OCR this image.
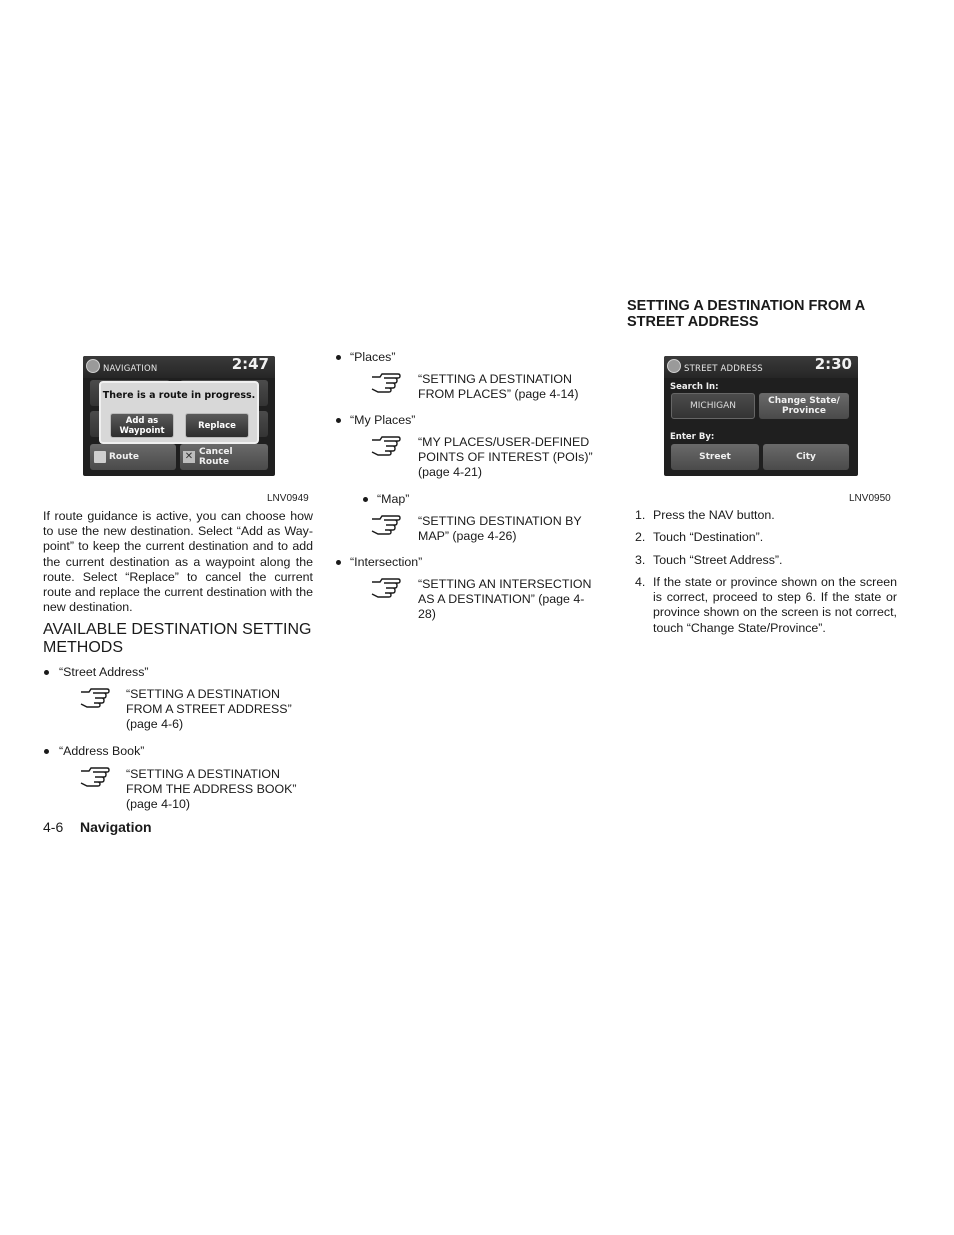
NAVIGATION	2:47
Route	✕ Cancel Route
There is a route in progress.
Add as Waypoint	Replace
LNV0949
If route guidance is active, you can choose how to use the new destination. Select “Add as Way-point” to keep the current destination and to add the current destination as a waypoint along the route. Select “Replace” to cancel the current route and replace the current destination with the new destination.
AVAILABLE DESTINATION SETTING METHODS
“Street Address”
“SETTING A DESTINATION FROM A STREET ADDRESS” (page 4-6)
“Address Book”
“SETTING A DESTINATION FROM THE ADDRESS BOOK” (page 4-10)
4-6 Navigation
“Places”
“SETTING A DESTINATION FROM PLACES” (page 4-14)
“My Places”
“MY PLACES/USER-DEFINED POINTS OF INTEREST (POIs)” (page 4-21)
“Map”
“SETTING DESTINATION BY MAP” (page 4-26)
“Intersection”
“SETTING AN INTERSECTION AS A DESTINATION” (page 4-28)
SETTING A DESTINATION FROM A STREET ADDRESS
STREET ADDRESS	2:30
Search In:
MICHIGAN	Change State/ Province
Enter By:
Street	City
LNV0950
1. Press the NAV button.
2. Touch “Destination”.
3. Touch “Street Address”.
4. If the state or province shown on the screen is correct, proceed to step 6. If the state or province shown on the screen is not correct, touch “Change State/Province”.
